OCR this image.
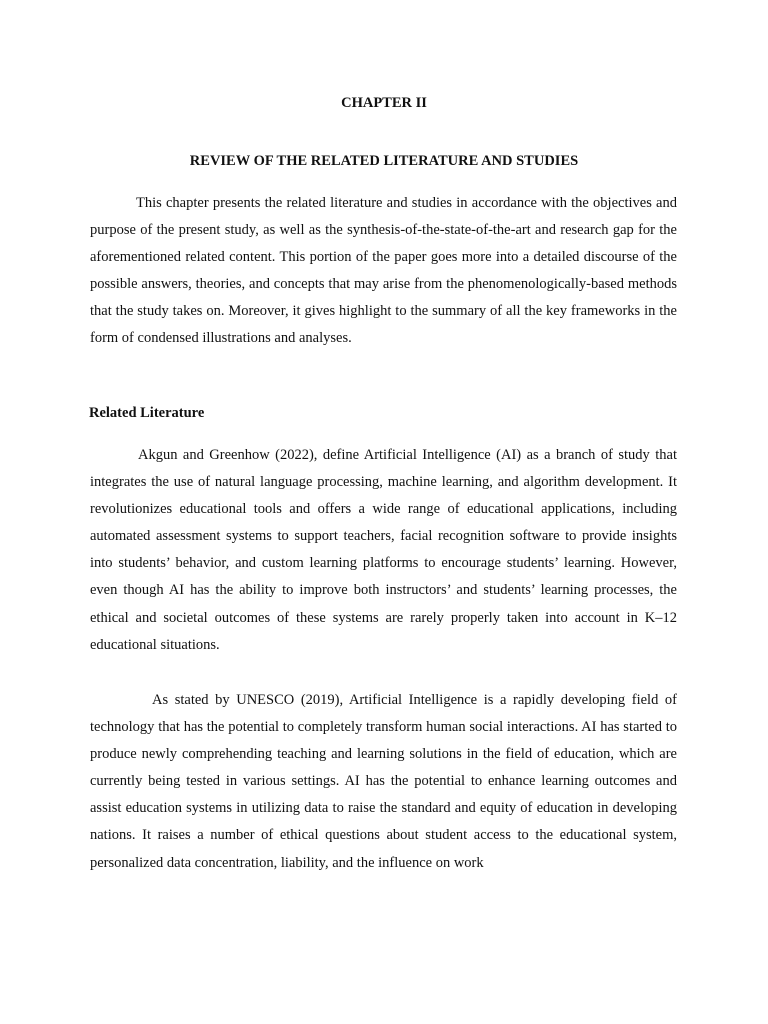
CHAPTER II
REVIEW OF THE RELATED LITERATURE AND STUDIES

This chapter presents the related literature and studies in accordance with the objectives and purpose of the present study, as well as the synthesis-of-the-state-of-the-art and research gap for the aforementioned related content. This portion of the paper goes more into a detailed discourse of the possible answers, theories, and concepts that may arise from the phenomenologically-based methods that the study takes on. Moreover, it gives highlight to the summary of all the key frameworks in the form of condensed illustrations and analyses.

Related Literature

Akgun and Greenhow (2022), define Artificial Intelligence (AI) as a branch of study that integrates the use of natural language processing, machine learning, and algorithm development. It revolutionizes educational tools and offers a wide range of educational applications, including automated assessment systems to support teachers, facial recognition software to provide insights into students’ behavior, and custom learning platforms to encourage students’ learning. However, even though AI has the ability to improve both instructors’ and students’ learning processes, the ethical and societal outcomes of these systems are rarely properly taken into account in K–12 educational situations.

As stated by UNESCO (2019), Artificial Intelligence is a rapidly developing field of technology that has the potential to completely transform human social interactions. AI has started to produce newly comprehending teaching and learning solutions in the field of education, which are currently being tested in various settings. AI has the potential to enhance learning outcomes and assist education systems in utilizing data to raise the standard and equity of education in developing nations. It raises a number of ethical questions about student access to the educational system, personalized data concentration, liability, and the influence on work
